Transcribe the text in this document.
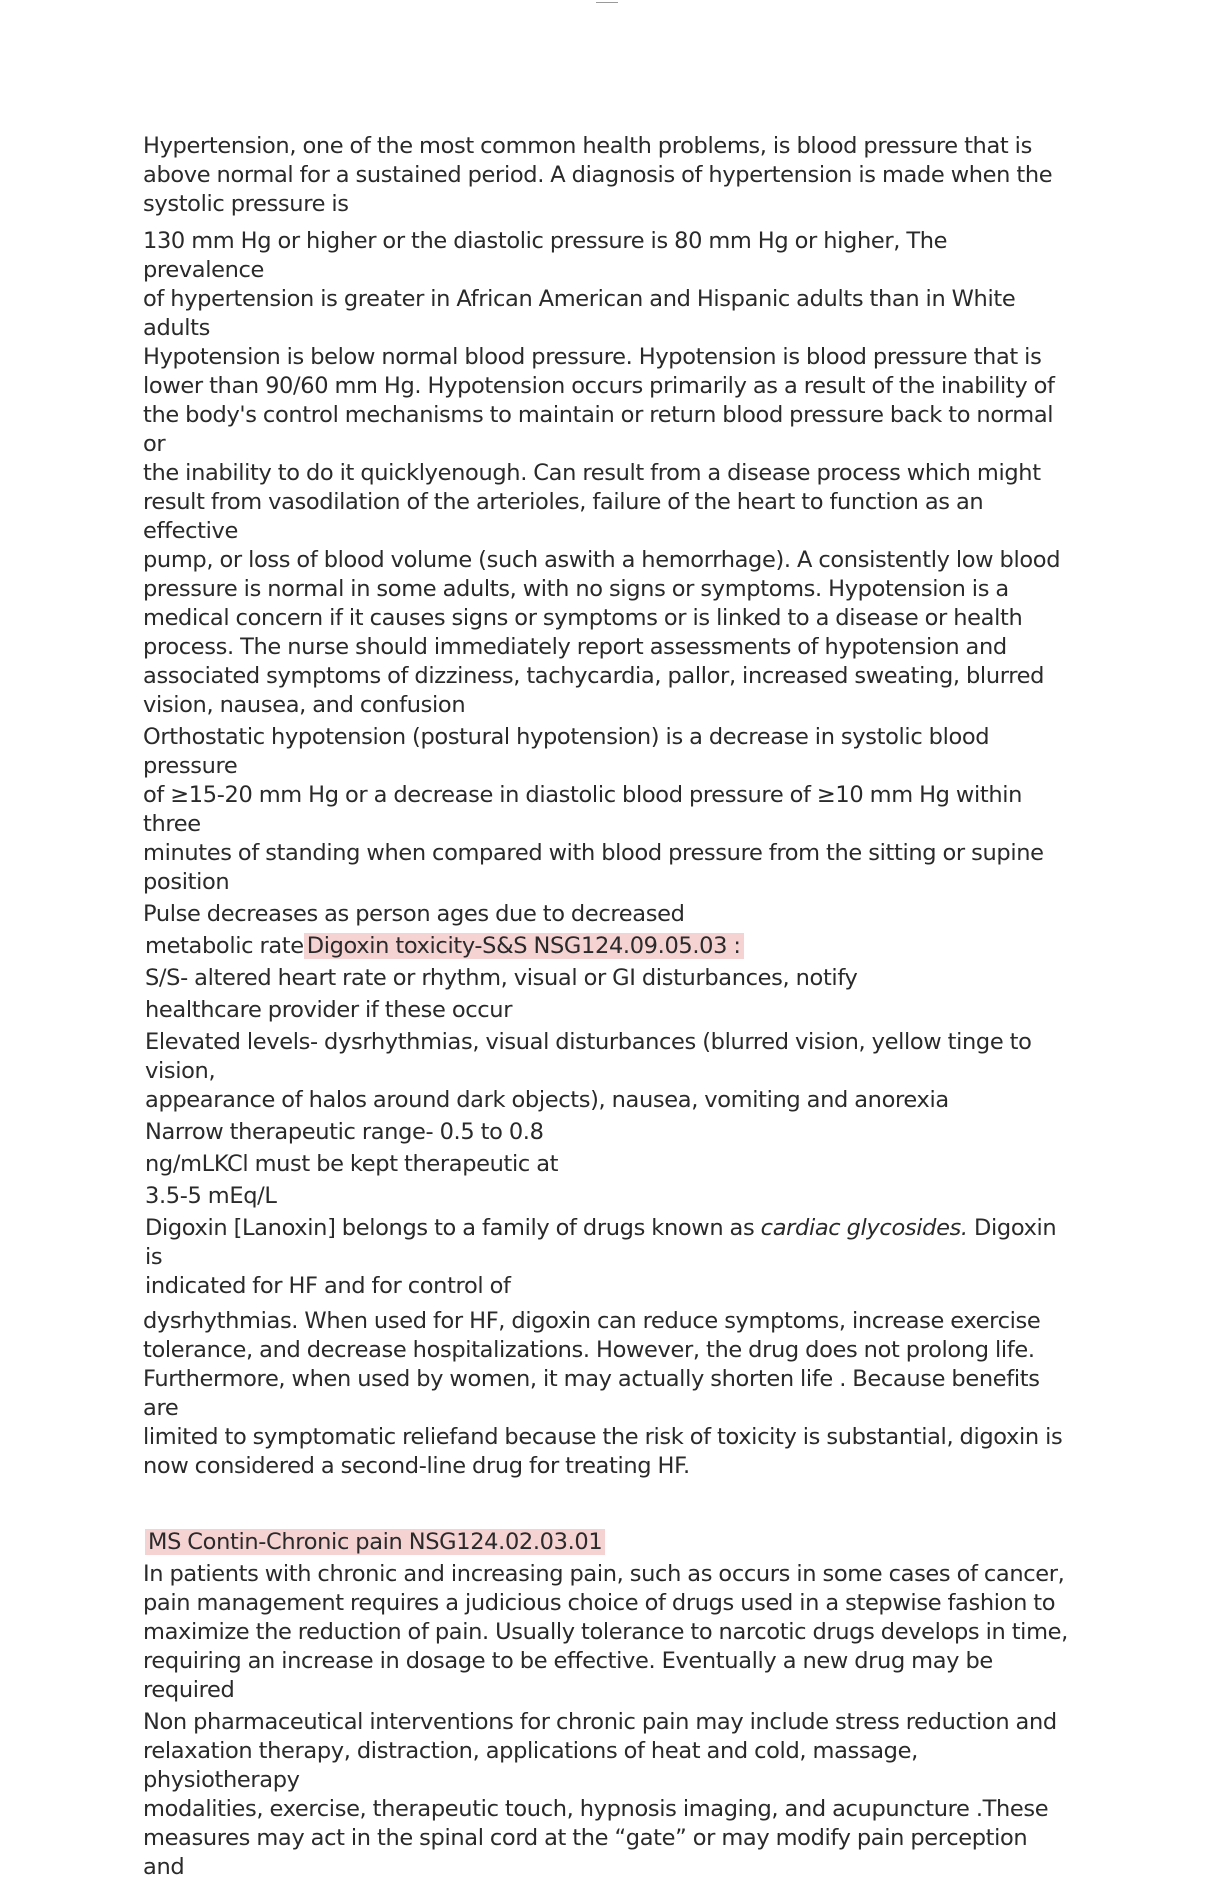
Hypertension, one of the most common health problems, is blood pressure that is
above normal for a sustained period. A diagnosis of hypertension is made when the
systolic pressure is

130 mm Hg or higher or the diastolic pressure is 80 mm Hg or higher, The prevalence
of hypertension is greater in African American and Hispanic adults than in White adults
Hypotension is below normal blood pressure. Hypotension is blood pressure that is
lower than 90/60 mm Hg. Hypotension occurs primarily as a result of the inability of
the body's control mechanisms to maintain or return blood pressure back to normal or
the inability to do it quicklyenough. Can result from a disease process which might
result from vasodilation of the arterioles, failure of the heart to function as an effective
pump, or loss of blood volume (such aswith a hemorrhage). A consistently low blood
pressure is normal in some adults, with no signs or symptoms. Hypotension is a
medical concern if it causes signs or symptoms or is linked to a disease or health
process. The nurse should immediately report assessments of hypotension and
associated symptoms of dizziness, tachycardia, pallor, increased sweating, blurred
vision, nausea, and confusion

Orthostatic hypotension (postural hypotension) is a decrease in systolic blood pressure
of ≥15-20 mm Hg or a decrease in diastolic blood pressure of ≥10 mm Hg within three
minutes of standing when compared with blood pressure from the sitting or supine
position

Pulse decreases as person ages due to decreased

metabolic rate Digoxin toxicity-S&S NSG124.09.05.03 :

S/S- altered heart rate or rhythm, visual or GI disturbances, notify

healthcare provider if these occur

Elevated levels- dysrhythmias, visual disturbances (blurred vision, yellow tinge to vision,
appearance of halos around dark objects), nausea, vomiting and anorexia

Narrow therapeutic range- 0.5 to 0.8

ng/mLKCl must be kept therapeutic at

3.5-5 mEq/L

Digoxin [Lanoxin] belongs to a family of drugs known as cardiac glycosides. Digoxin is
indicated for HF and for control of

dysrhythmias. When used for HF, digoxin can reduce symptoms, increase exercise
tolerance, and decrease hospitalizations. However, the drug does not prolong life.
Furthermore, when used by women, it may actually shorten life . Because benefits are
limited to symptomatic reliefand because the risk of toxicity is substantial, digoxin is
now considered a second-line drug for treating HF.

MS Contin-Chronic pain NSG124.02.03.01

In patients with chronic and increasing pain, such as occurs in some cases of cancer,
pain management requires a judicious choice of drugs used in a stepwise fashion to
maximize the reduction of pain. Usually tolerance to narcotic drugs develops in time,
requiring an increase in dosage to be effective. Eventually a new drug may be required

Non pharmaceutical interventions for chronic pain may include stress reduction and
relaxation therapy, distraction, applications of heat and cold, massage, physiotherapy
modalities, exercise, therapeutic touch, hypnosis imaging, and acupuncture .These
measures may act in the spinal cord at the “gate” or may modify pain perception and
